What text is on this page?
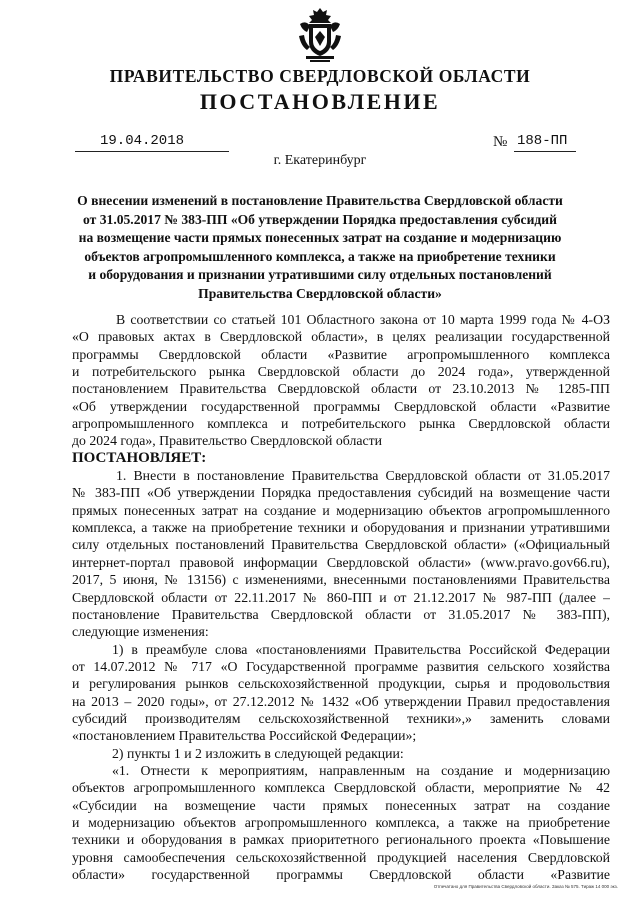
ПРАВИТЕЛЬСТВО СВЕРДЛОВСКОЙ ОБЛАСТИ
ПОСТАНОВЛЕНИЕ
19.04.2018	№ 188-ПП
г. Екатеринбург
О внесении изменений в постановление Правительства Свердловской области
от 31.05.2017 № 383-ПП «Об утверждении Порядка предоставления субсидий
на возмещение части прямых понесенных затрат на создание и модернизацию
объектов агропромышленного комплекса, а также на приобретение техники
и оборудования и признании утратившими силу отдельных постановлений
Правительства Свердловской области»
В соответствии со статьей 101 Областного закона от 10 марта 1999 года № 4-ОЗ
«О правовых актах в Свердловской области», в целях реализации государственной
программы Свердловской области «Развитие агропромышленного комплекса
и потребительского рынка Свердловской области до 2024 года», утвержденной
постановлением Правительства Свердловской области от 23.10.2013 № 1285-ПП
«Об утверждении государственной программы Свердловской области «Развитие
агропромышленного комплекса и потребительского рынка Свердловской области
до 2024 года», Правительство Свердловской области
ПОСТАНОВЛЯЕТ:
1. Внести в постановление Правительства Свердловской области от 31.05.2017
№ 383-ПП «Об утверждении Порядка предоставления субсидий на возмещение части
прямых понесенных затрат на создание и модернизацию объектов агропромышленного
комплекса, а также на приобретение техники и оборудования и признании утратившими
силу отдельных постановлений Правительства Свердловской области» («Официальный
интернет-портал правовой информации Свердловской области» (www.pravo.gov66.ru),
2017, 5 июня, № 13156) с изменениями, внесенными постановлениями Правительства
Свердловской области от 22.11.2017 № 860-ПП и от 21.12.2017 № 987-ПП (далее –
постановление Правительства Свердловской области от 31.05.2017 № 383-ПП),
следующие изменения:
1) в преамбуле слова «постановлениями Правительства Российской Федерации
от 14.07.2012 № 717 «О Государственной программе развития сельского хозяйства
и регулирования рынков сельскохозяйственной продукции, сырья и продовольствия
на 2013 – 2020 годы», от 27.12.2012 № 1432 «Об утверждении Правил предоставления
субсидий производителям сельскохозяйственной техники»,» заменить словами
«постановлением Правительства Российской Федерации»;
2) пункты 1 и 2 изложить в следующей редакции:
«1. Отнести к мероприятиям, направленным на создание и модернизацию
объектов агропромышленного комплекса Свердловской области, мероприятие № 42
«Субсидии на возмещение части прямых понесенных затрат на создание
и модернизацию объектов агропромышленного комплекса, а также на приобретение
техники и оборудования в рамках приоритетного регионального проекта «Повышение
уровня самообеспечения сельскохозяйственной продукцией населения Свердловской
области» государственной программы Свердловской области «Развитие
Отпечатано для Правительства Свердловской области. Заказ № 575. Тираж 14 000 экз.
